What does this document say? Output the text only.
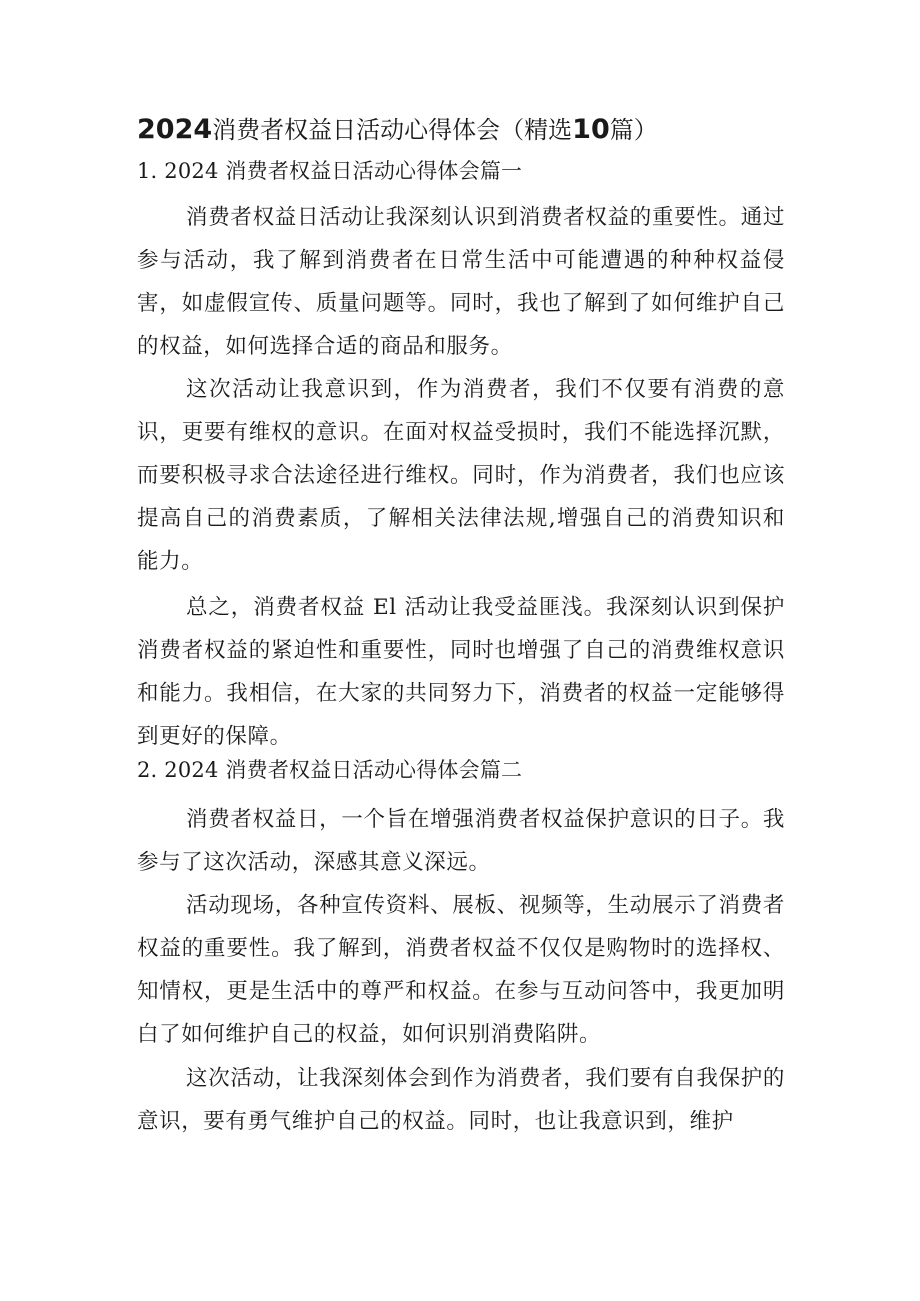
2024消费者权益日活动心得体会（精选10篇）
1. 2024 消费者权益日活动心得体会篇一

消费者权益日活动让我深刻认识到消费者权益的重要性。通过参与活动，我了解到消费者在日常生活中可能遭遇的种种权益侵害，如虚假宣传、质量问题等。同时，我也了解到了如何维护自己的权益，如何选择合适的商品和服务。

这次活动让我意识到，作为消费者，我们不仅要有消费的意识，更要有维权的意识。在面对权益受损时，我们不能选择沉默，而要积极寻求合法途径进行维权。同时，作为消费者，我们也应该提高自己的消费素质，了解相关法律法规,增强自己的消费知识和能力。

总之，消费者权益 El 活动让我受益匪浅。我深刻认识到保护消费者权益的紧迫性和重要性，同时也增强了自己的消费维权意识和能力。我相信，在大家的共同努力下，消费者的权益一定能够得到更好的保障。

2. 2024 消费者权益日活动心得体会篇二

消费者权益日，一个旨在增强消费者权益保护意识的日子。我参与了这次活动，深感其意义深远。

活动现场，各种宣传资料、展板、视频等，生动展示了消费者权益的重要性。我了解到，消费者权益不仅仅是购物时的选择权、知情权，更是生活中的尊严和权益。在参与互动问答中，我更加明白了如何维护自己的权益，如何识别消费陷阱。

这次活动，让我深刻体会到作为消费者，我们要有自我保护的意识，要有勇气维护自己的权益。同时，也让我意识到，维护
